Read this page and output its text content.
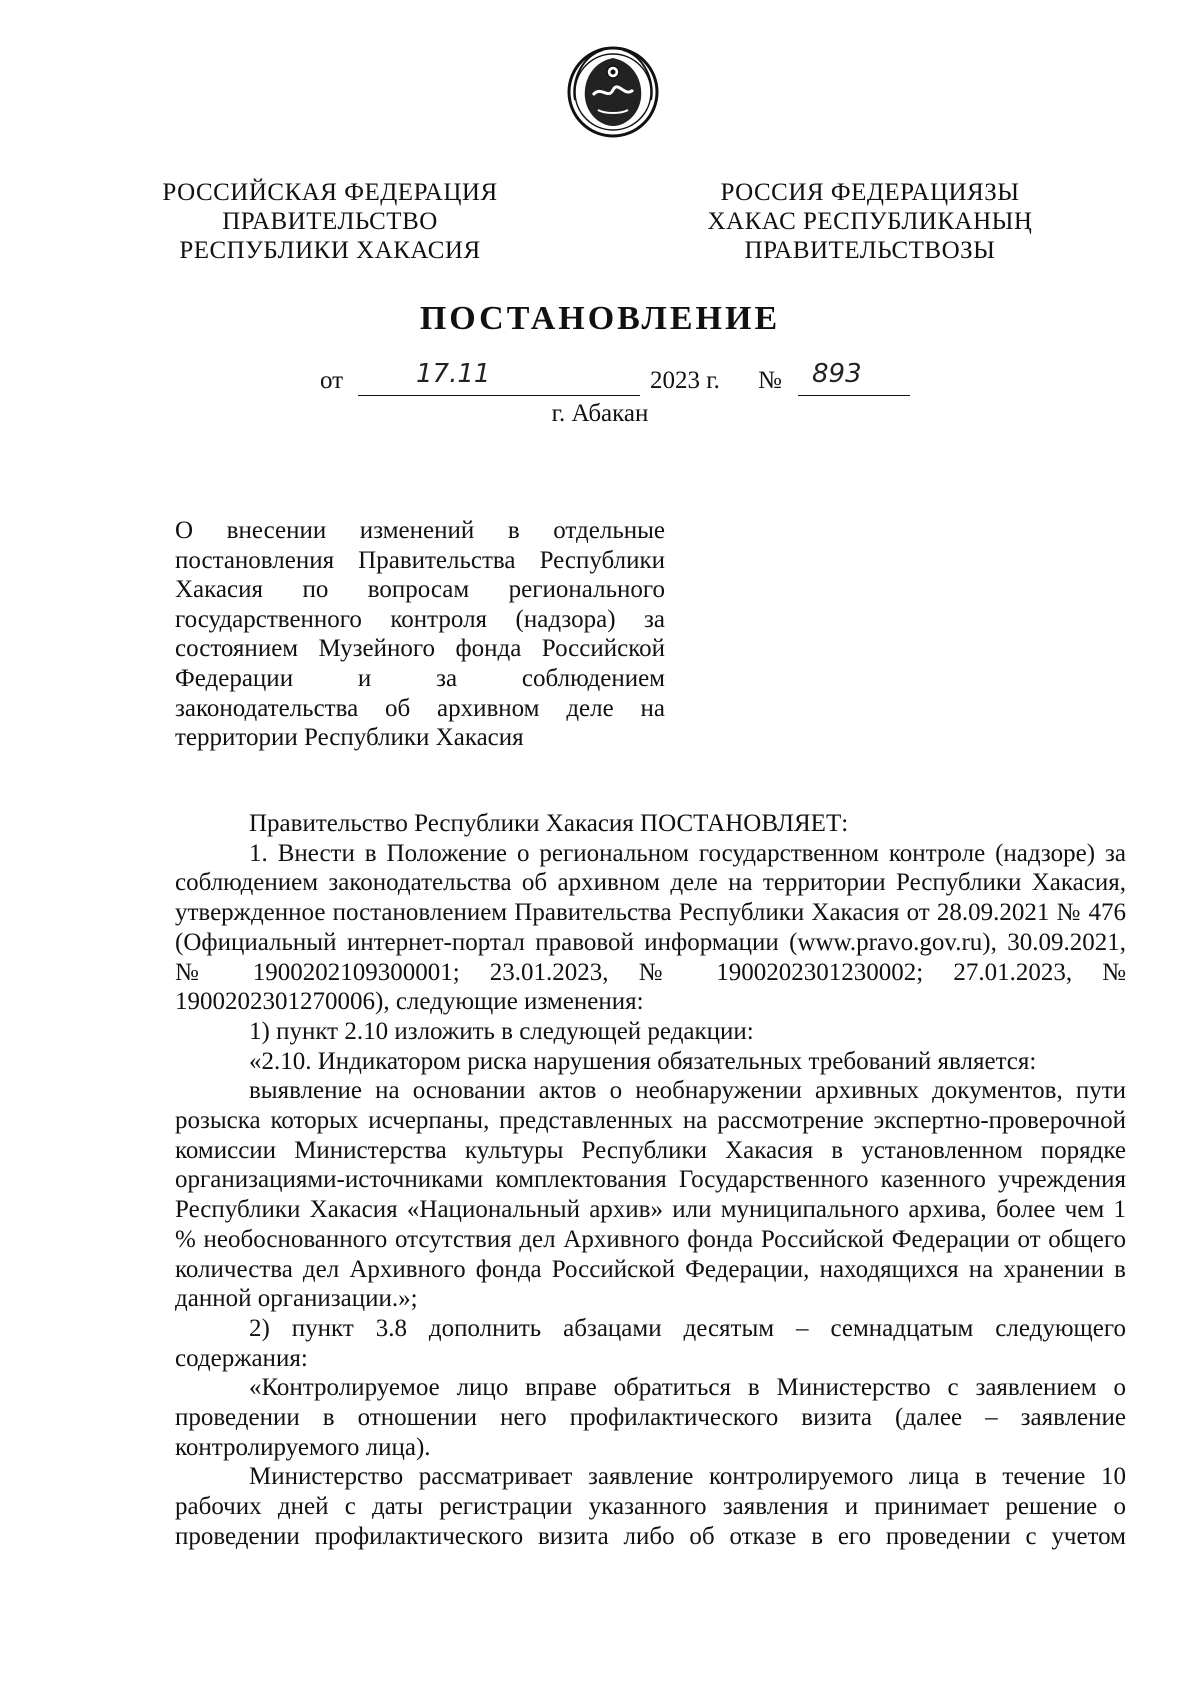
РОССИЙСКАЯ ФЕДЕРАЦИЯ
ПРАВИТЕЛЬСТВО
РЕСПУБЛИКИ ХАКАСИЯ
РОССИЯ ФЕДЕРАЦИЯЗЫ
ХАКАС РЕСПУБЛИКАНЫҢ
ПРАВИТЕЛЬСТВОЗЫ
ПОСТАНОВЛЕНИЕ
от	17.11	2023 г. № 893
г. Абакан
О внесении изменений в отдельные постановления Правительства Республики Хакасия по вопросам регионального государственного контроля (надзора) за состоянием Музейного фонда Российской Федерации и за соблюдением законодательства об архивном деле на территории Республики Хакасия

Правительство Республики Хакасия ПОСТАНОВЛЯЕТ:

1. Внести в Положение о региональном государственном контроле (надзоре) за соблюдением законодательства об архивном деле на территории Республики Хакасия, утвержденное постановлением Правительства Республики Хакасия от 28.09.2021 № 476 (Официальный интернет-портал правовой информации (www.pravo.gov.ru), 30.09.2021, № 1900202109300001; 23.01.2023, № 1900202301230002; 27.01.2023, № 1900202301270006), следующие изменения:

1) пункт 2.10 изложить в следующей редакции:

«2.10. Индикатором риска нарушения обязательных требований является:

выявление на основании актов о необнаружении архивных документов, пути розыска которых исчерпаны, представленных на рассмотрение экспертно-проверочной комиссии Министерства культуры Республики Хакасия в установленном порядке организациями-источниками комплектования Государственного казенного учреждения Республики Хакасия «Национальный архив» или муниципального архива, более чем 1 % необоснованного отсутствия дел Архивного фонда Российской Федерации от общего количества дел Архивного фонда Российской Федерации, находящихся на хранении в данной организации.»;

2) пункт 3.8 дополнить абзацами десятым – семнадцатым следующего содержания:

«Контролируемое лицо вправе обратиться в Министерство с заявлением о проведении в отношении него профилактического визита (далее – заявление контролируемого лица).

Министерство рассматривает заявление контролируемого лица в течение 10 рабочих дней с даты регистрации указанного заявления и принимает решение о проведении профилактического визита либо об отказе в его проведении с учетом
